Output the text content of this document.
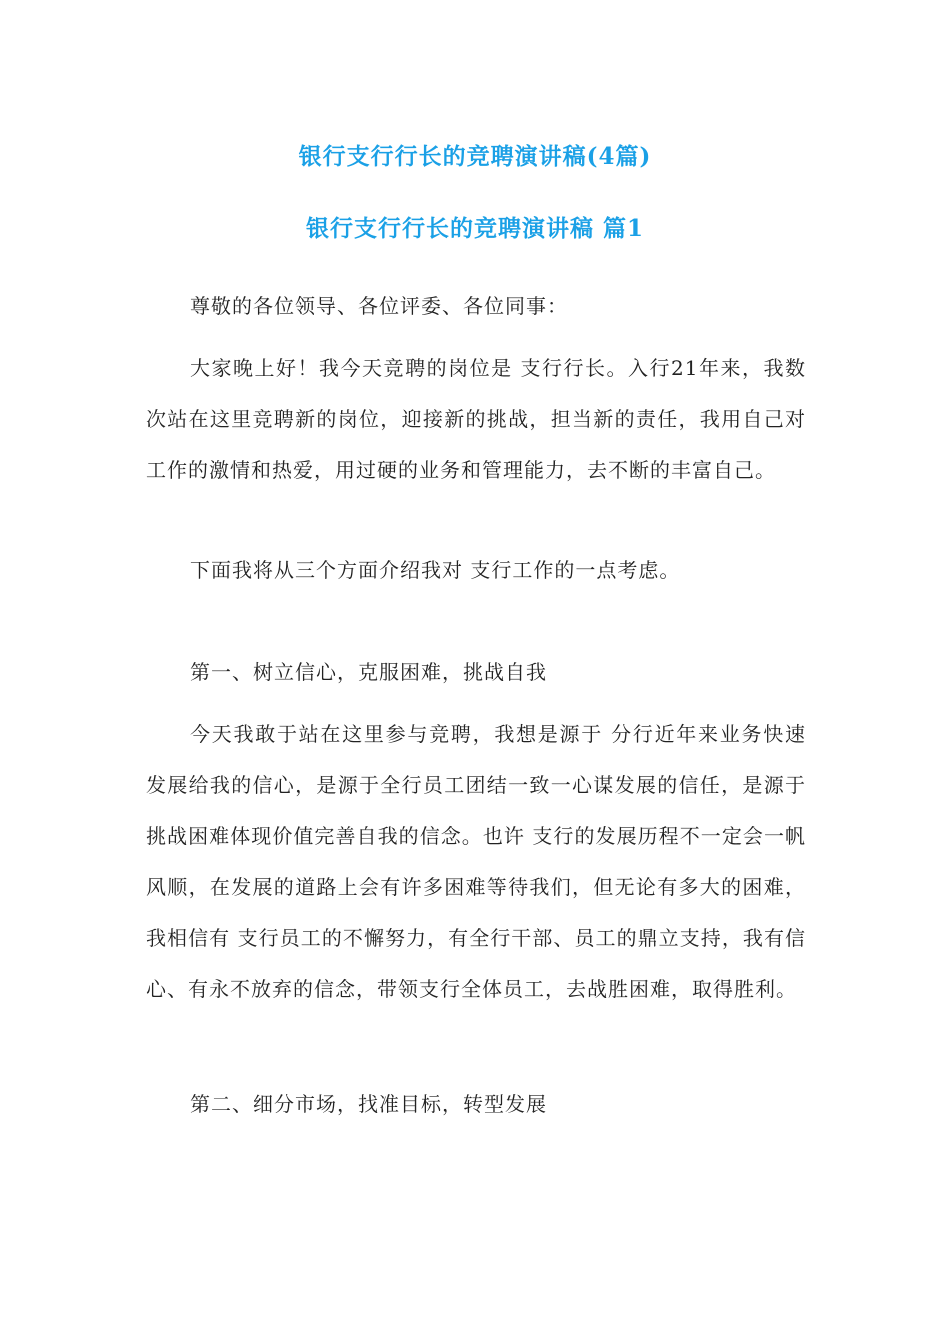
银行支行行长的竞聘演讲稿(4篇)
银行支行行长的竞聘演讲稿 篇1

尊敬的各位领导、各位评委、各位同事：

大家晚上好！我今天竞聘的岗位是 支行行长。入行21年来，我数次站在这里竞聘新的岗位，迎接新的挑战，担当新的责任，我用自己对工作的激情和热爱，用过硬的业务和管理能力，去不断的丰富自己。

下面我将从三个方面介绍我对 支行工作的一点考虑。

第一、树立信心，克服困难，挑战自我

今天我敢于站在这里参与竞聘，我想是源于 分行近年来业务快速发展给我的信心，是源于全行员工团结一致一心谋发展的信任，是源于挑战困难体现价值完善自我的信念。也许 支行的发展历程不一定会一帆风顺，在发展的道路上会有许多困难等待我们，但无论有多大的困难，我相信有 支行员工的不懈努力，有全行干部、员工的鼎立支持，我有信心、有永不放弃的信念，带领支行全体员工，去战胜困难，取得胜利。

第二、细分市场，找准目标，转型发展
